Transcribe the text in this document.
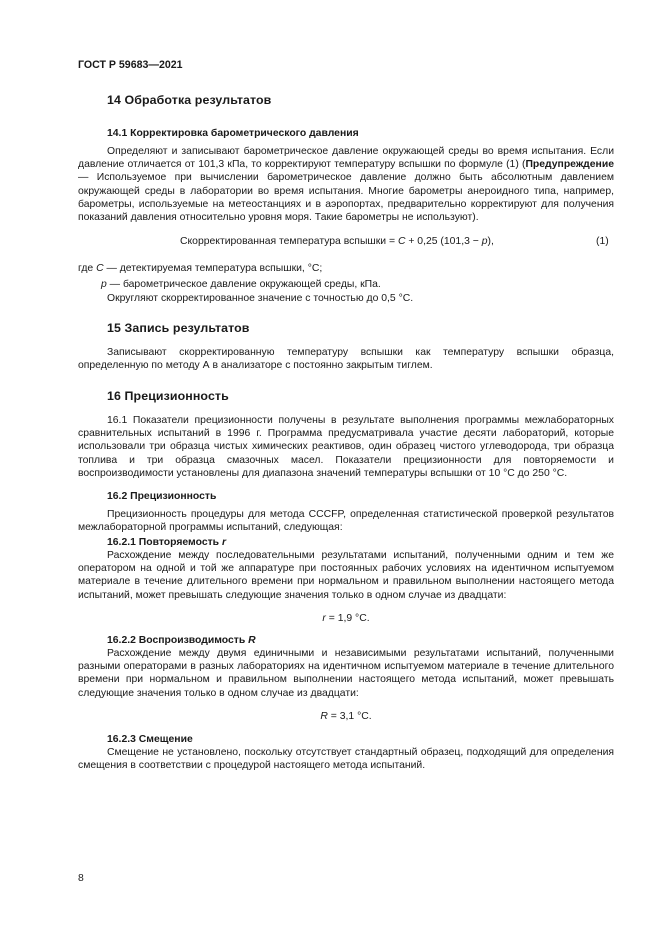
ГОСТ Р 59683—2021
14 Обработка результатов
14.1 Корректировка барометрического давления
Определяют и записывают барометрическое давление окружающей среды во время испытания. Если давление отличается от 101,3 кПа, то корректируют температуру вспышки по формуле (1) (Предупреждение — Используемое при вычислении барометрическое давление должно быть абсолютным давлением окружающей среды в лаборатории во время испытания. Многие барометры анероидного типа, например, барометры, используемые на метеостанциях и в аэропортах, предварительно корректируют для получения показаний давления относительно уровня моря. Такие барометры не используют).
Скорректированная температура вспышки = C + 0,25 (101,3 − p),	(1)
где C — детектируемая температура вспышки, °C;
p — барометрическое давление окружающей среды, кПа.
Округляют скорректированное значение с точностью до 0,5 °C.
15 Запись результатов
Записывают скорректированную температуру вспышки как температуру вспышки образца, определенную по методу А в анализаторе с постоянно закрытым тиглем.
16 Прецизионность
16.1 Показатели прецизионности получены в результате выполнения программы межлабораторных сравнительных испытаний в 1996 г. Программа предусматривала участие десяти лабораторий, которые использовали три образца чистых химических реактивов, один образец чистого углеводорода, три образца топлива и три образца смазочных масел. Показатели прецизионности для повторяемости и воспроизводимости установлены для диапазона значений температуры вспышки от 10 °C до 250 °C.
16.2 Прецизионность
Прецизионность процедуры для метода CCCFP, определенная статистической проверкой результатов межлабораторной программы испытаний, следующая:
16.2.1 Повторяемость r
Расхождение между последовательными результатами испытаний, полученными одним и тем же оператором на одной и той же аппаратуре при постоянных рабочих условиях на идентичном испытуемом материале в течение длительного времени при нормальном и правильном выполнении настоящего метода испытаний, может превышать следующие значения только в одном случае из двадцати:
r = 1,9 °C.
16.2.2 Воспроизводимость R
Расхождение между двумя единичными и независимыми результатами испытаний, полученными разными операторами в разных лабораториях на идентичном испытуемом материале в течение длительного времени при нормальном и правильном выполнении настоящего метода испытаний, может превышать следующие значения только в одном случае из двадцати:
R = 3,1 °C.
16.2.3 Смещение
Смещение не установлено, поскольку отсутствует стандартный образец, подходящий для определения смещения в соответствии с процедурой настоящего метода испытаний.
8
